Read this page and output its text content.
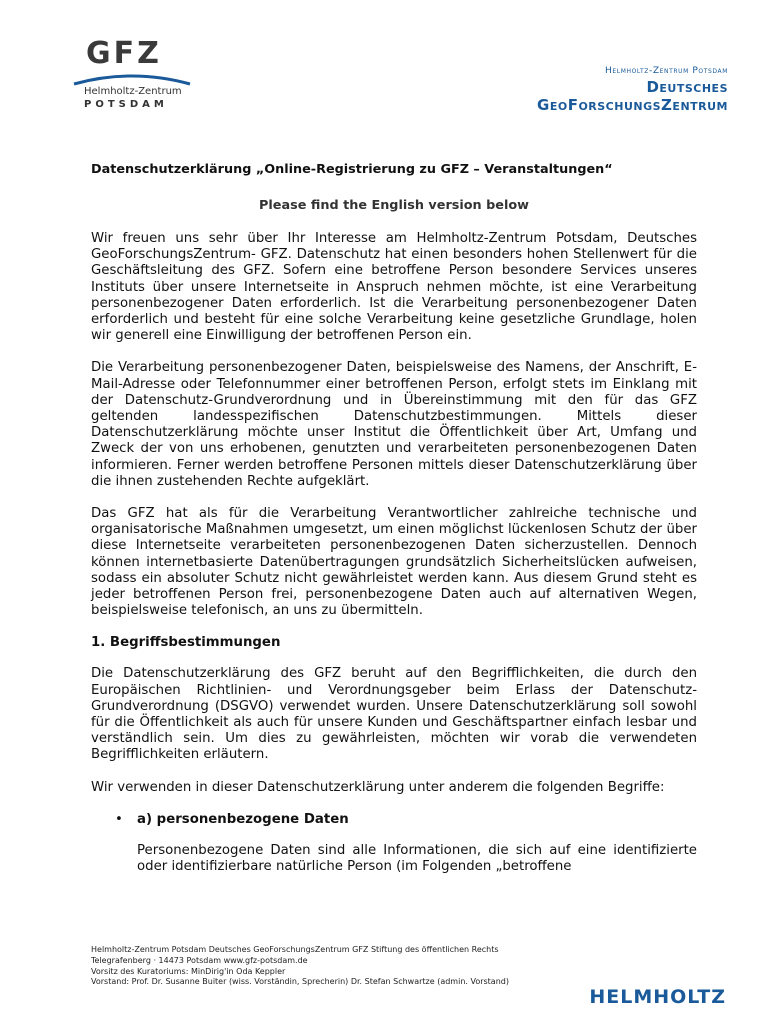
GFZ
Helmholtz-Zentrum
POTSDAM
Helmholtz-Zentrum Potsdam
Deutsches
GeoForschungsZentrum
Datenschutzerklärung „Online-Registrierung zu GFZ – Veranstaltungen“
Please find the English version below

Wir freuen uns sehr über Ihr Interesse am Helmholtz-Zentrum Potsdam, Deutsches GeoForschungsZentrum- GFZ. Datenschutz hat einen besonders hohen Stellenwert für die Geschäftsleitung des GFZ. Sofern eine betroffene Person besondere Services unseres Instituts über unsere Internetseite in Anspruch nehmen möchte, ist eine Verarbeitung personenbezogener Daten erforderlich. Ist die Verarbeitung personenbezogener Daten erforderlich und besteht für eine solche Verarbeitung keine gesetzliche Grundlage, holen wir generell eine Einwilligung der betroffenen Person ein.

Die Verarbeitung personenbezogener Daten, beispielsweise des Namens, der Anschrift, E-Mail-Adresse oder Telefonnummer einer betroffenen Person, erfolgt stets im Einklang mit der Datenschutz-Grundverordnung und in Übereinstimmung mit den für das GFZ geltenden landesspezifischen Datenschutzbestimmungen. Mittels dieser Datenschutzerklärung möchte unser Institut die Öffentlichkeit über Art, Umfang und Zweck der von uns erhobenen, genutzten und verarbeiteten personenbezogenen Daten informieren. Ferner werden betroffene Personen mittels dieser Datenschutzerklärung über die ihnen zustehenden Rechte aufgeklärt.

Das GFZ hat als für die Verarbeitung Verantwortlicher zahlreiche technische und organisatorische Maßnahmen umgesetzt, um einen möglichst lückenlosen Schutz der über diese Internetseite verarbeiteten personenbezogenen Daten sicherzustellen. Dennoch können internetbasierte Datenübertragungen grundsätzlich Sicherheitslücken aufweisen, sodass ein absoluter Schutz nicht gewährleistet werden kann. Aus diesem Grund steht es jeder betroffenen Person frei, personenbezogene Daten auch auf alternativen Wegen, beispielsweise telefonisch, an uns zu übermitteln.

1. Begriffsbestimmungen

Die Datenschutzerklärung des GFZ beruht auf den Begrifflichkeiten, die durch den Europäischen Richtlinien- und Verordnungsgeber beim Erlass der Datenschutz-Grundverordnung (DSGVO) verwendet wurden. Unsere Datenschutzerklärung soll sowohl für die Öffentlichkeit als auch für unsere Kunden und Geschäftspartner einfach lesbar und verständlich sein. Um dies zu gewährleisten, möchten wir vorab die verwendeten Begrifflichkeiten erläutern.

Wir verwenden in dieser Datenschutzerklärung unter anderem die folgenden Begriffe:

• a) personenbezogene Daten

Personenbezogene Daten sind alle Informationen, die sich auf eine identifizierte oder identifizierbare natürliche Person (im Folgenden „betroffene

Helmholtz-Zentrum Potsdam Deutsches GeoForschungsZentrum GFZ Stiftung des öffentlichen Rechts
Telegrafenberg · 14473 Potsdam www.gfz-potsdam.de
Vorsitz des Kuratoriums: MinDirig'in Oda Keppler
Vorstand: Prof. Dr. Susanne Buiter (wiss. Vorständin, Sprecherin) Dr. Stefan Schwartze (admin. Vorstand)
HELMHOLTZ
